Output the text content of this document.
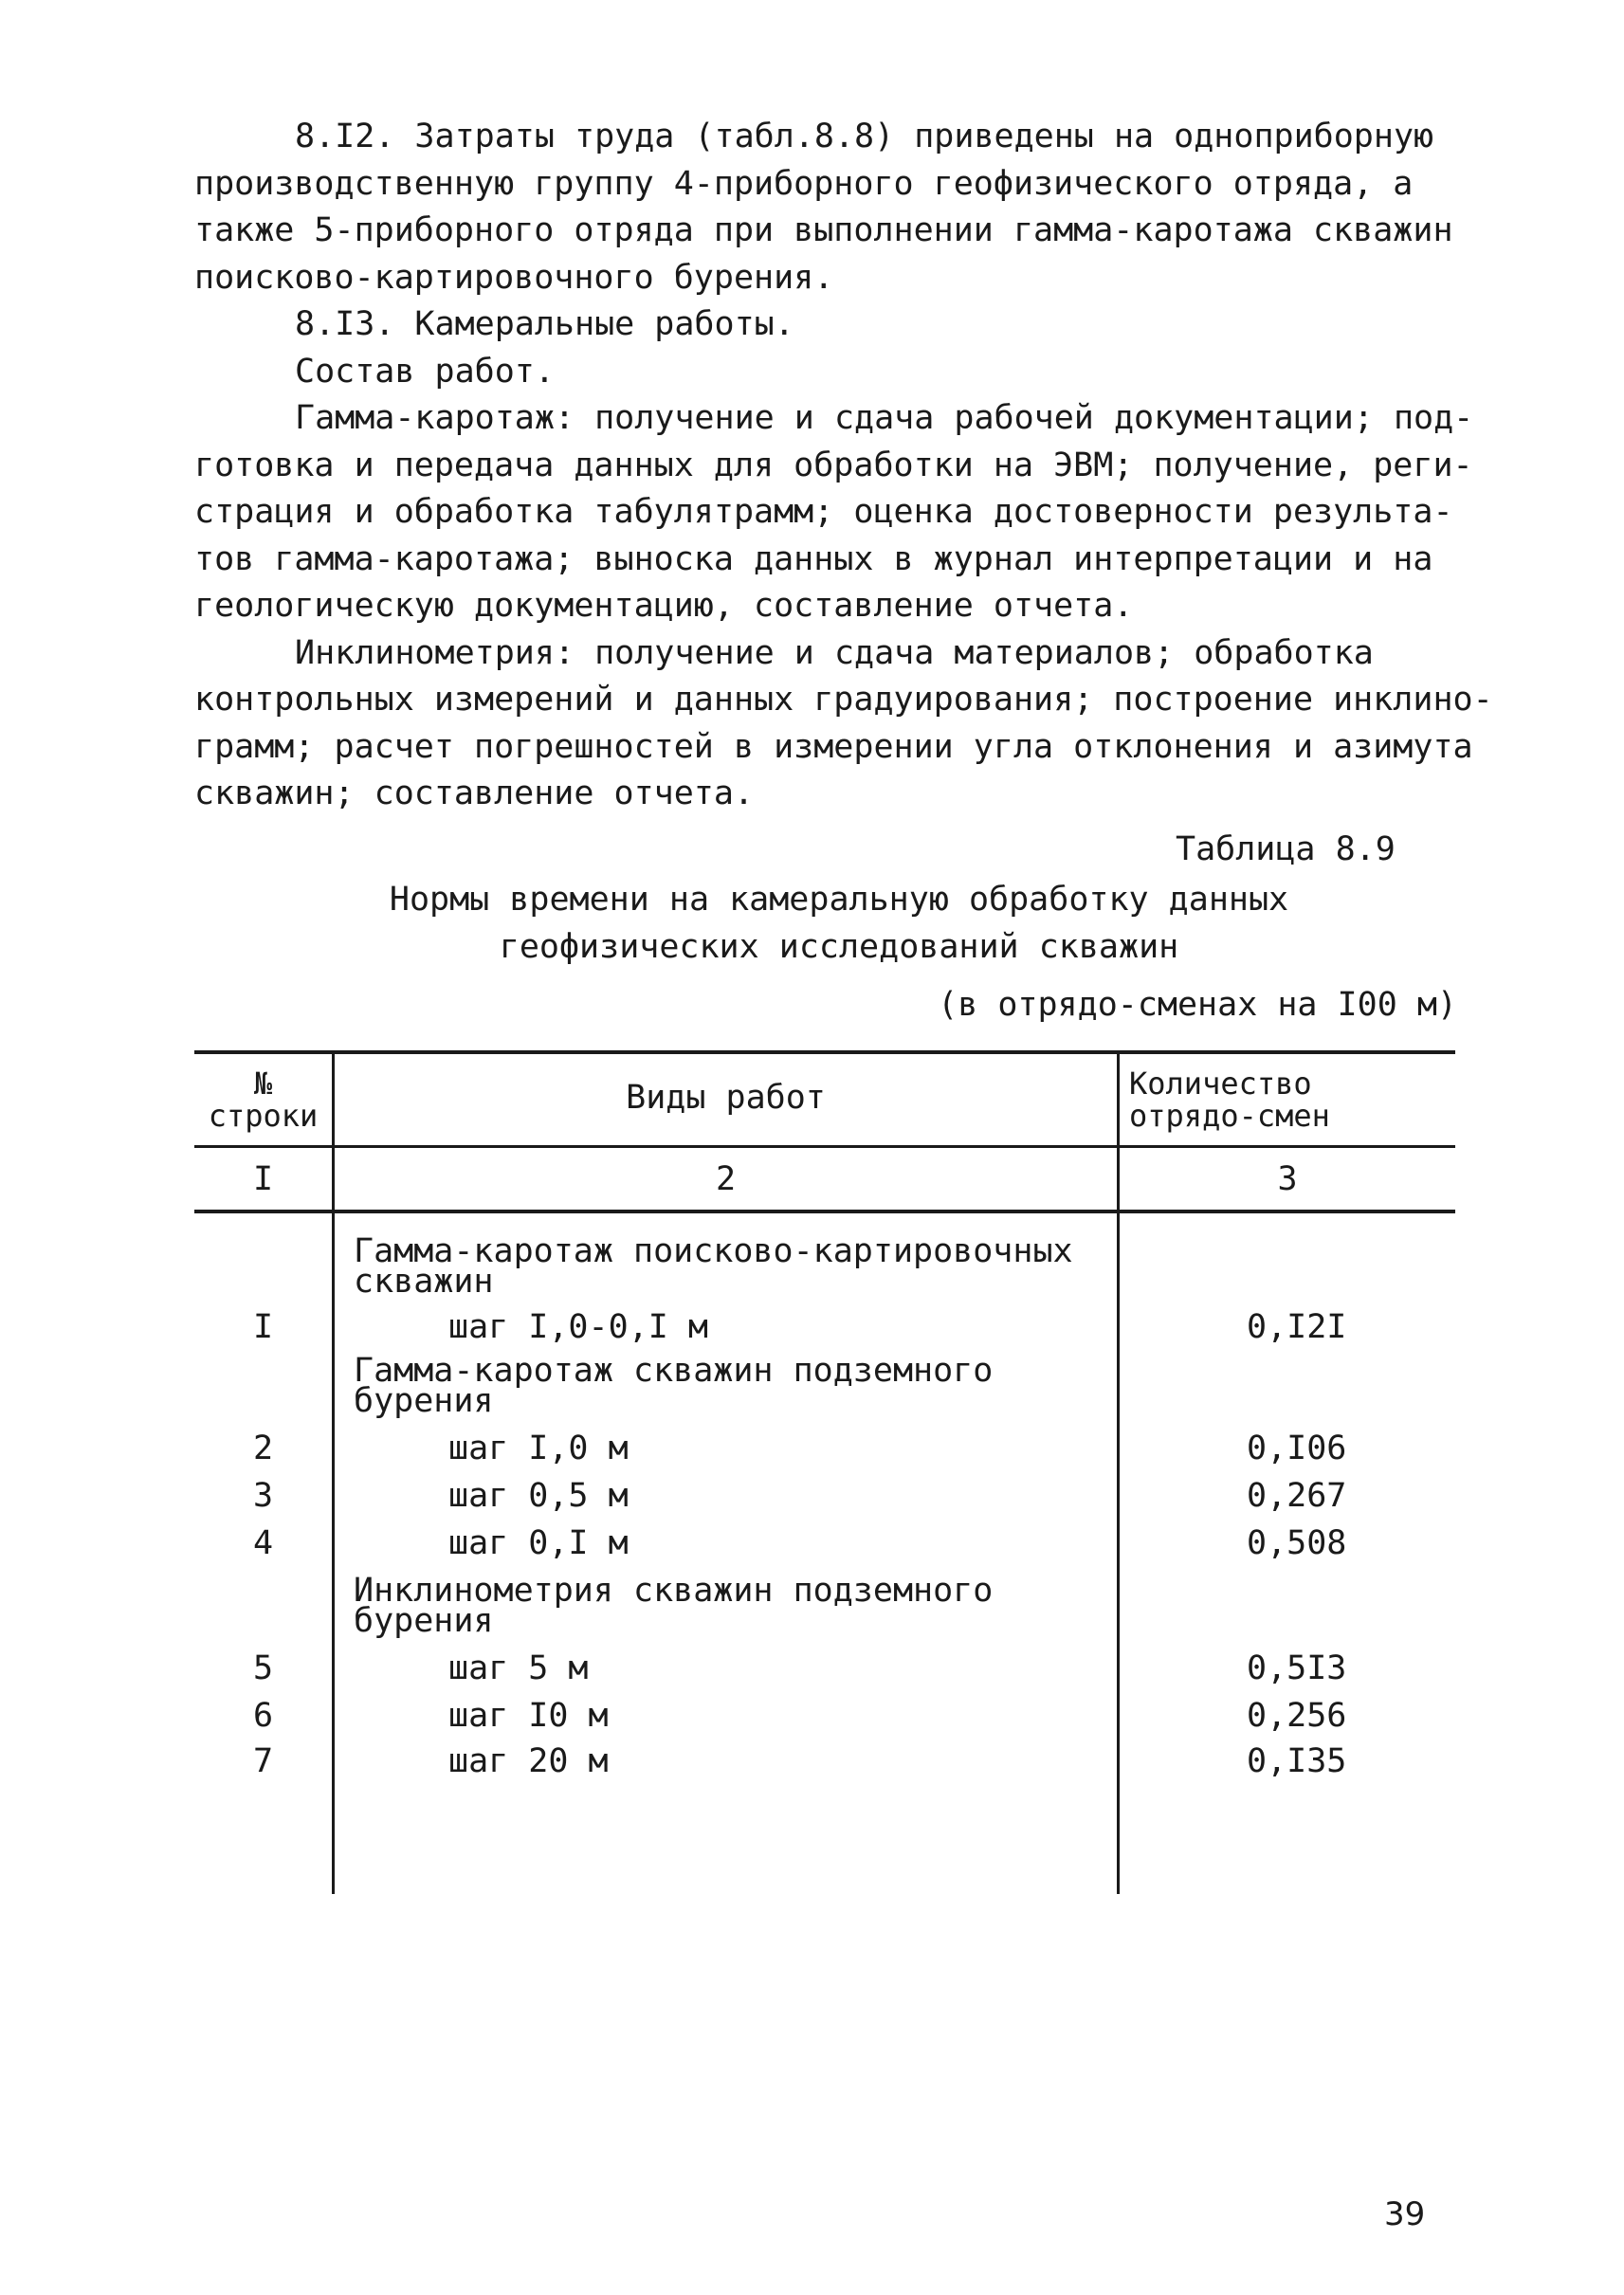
8.I2. Затраты труда (табл.8.8) приведены на одноприборную

производственную группу 4-приборного геофизического отряда, а

также 5-приборного отряда при выполнении гамма-каротажа скважин

поисково-картировочного бурения.

8.I3. Камеральные работы.

Состав работ.

Гамма-каротаж: получение и сдача рабочей документации; под-

готовка и передача данных для обработки на ЭВМ; получение, реги-

страция и обработка табулятрамм; оценка достоверности результа-

тов гамма-каротажа; выноска данных в журнал интерпретации и на

геологическую документацию, составление отчета.

Инклинометрия: получение и сдача материалов; обработка

контрольных измерений и данных градуирования; построение инклино-

грамм; расчет погрешностей в измерении угла отклонения и азимута

скважин; составление отчета.

Таблица 8.9
Нормы времени на камеральную обработку данных
геофизических исследований скважин
(в отрядо-сменах на I00 м)
№
строки	Виды работ	Количество
отрядо-смен
I	2	3
Гамма-каротаж поисково-картировочных
скважин
I	шаг I,0-0,I м	0,I2I
Гамма-каротаж скважин подземного
бурения
2	шаг I,0 м	0,I06
3	шаг 0,5 м	0,267
4	шаг 0,I м	0,508
Инклинометрия скважин подземного
бурения
5	шаг 5 м	0,5I3
6	шаг I0 м	0,256
7	шаг 20 м	0,I35
39
